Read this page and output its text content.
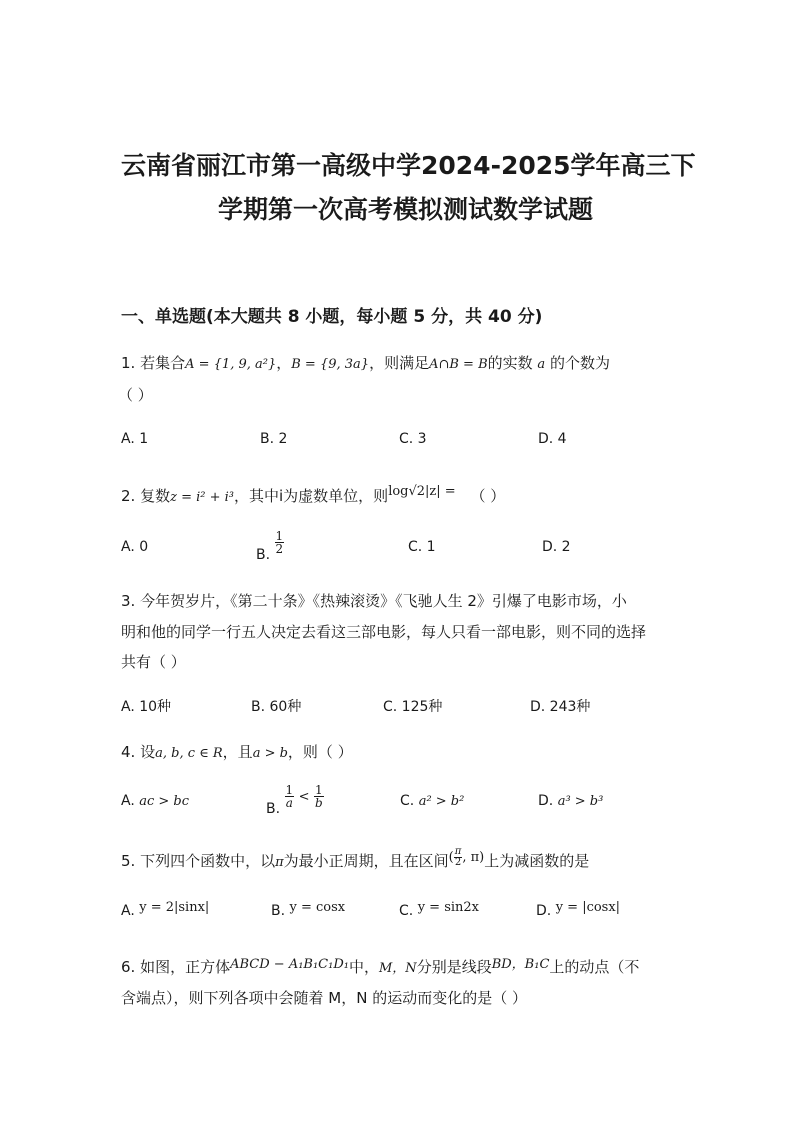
云南省丽江市第一高级中学2024-2025学年高三下
学期第一次高考模拟测试数学试题
一、单选题(本大题共 8 小题，每小题 5 分，共 40 分)
1. 若集合A = {1, 9, a²}，B = {9, 3a}，则满足A∩B = B的实数 a 的个数为
（ ）
A. 1	B. 2	C. 3	D. 4
2. 复数z = i² + i³，其中i为虚数单位，则log√2|z| = （ ）
A. 0	B. $\frac{1}{2}$	C. 1	D. 2
3. 今年贺岁片，《第二十条》《热辣滚烫》《飞驰人生 2》引爆了电影市场，小
明和他的同学一行五人决定去看这三部电影，每人只看一部电影，则不同的选择
共有（ ）
A. 10种	B. 60种	C. 125种	D. 243种
4. 设a, b, c ∈ R，且a > b，则（ ）
A. ac > bc	B. $\frac{1}{a} < \frac{1}{b}$	C. a² > b²	D. a³ > b³
5. 下列四个函数中，以π为最小正周期，且在区间( $\frac{\pi}{2}$ , π)上为减函数的是
A. y = 2|sinx|	B. y = cosx	C. y = sin2x	D. y = |cosx|
6. 如图，正方体ABCD − A₁B₁C₁D₁中，M，N分别是线段BD，B₁C上的动点（不
含端点），则下列各项中会随着 M，N 的运动而变化的是（ ）
